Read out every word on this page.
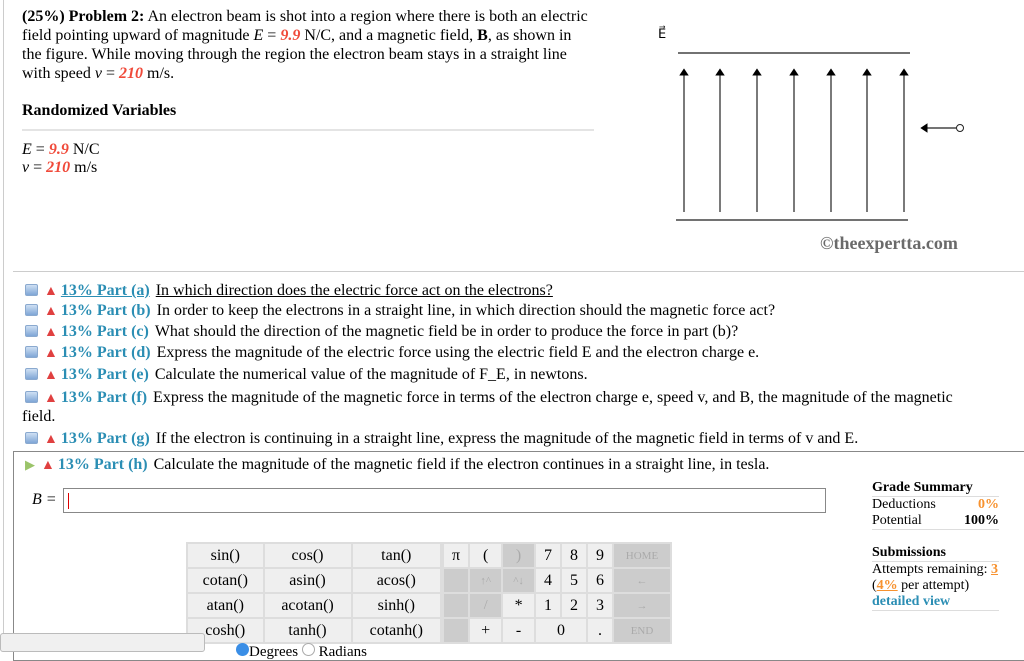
(25%) Problem 2: An electron beam is shot into a region where there is both an electric field pointing upward of magnitude E = 9.9 N/C, and a magnetic field, B, as shown in the figure. While moving through the region the electron beam stays in a straight line with speed v = 210 m/s.
Randomized Variables
E = 9.9 N/C
v = 210 m/s
E⃗
©theexpertta.com
▲ 13% Part (a) In which direction does the electric force act on the electrons?
▲ 13% Part (b) In order to keep the electrons in a straight line, in which direction should the magnetic force act?
▲ 13% Part (c) What should the direction of the magnetic field be in order to produce the force in part (b)?
▲ 13% Part (d) Express the magnitude of the electric force using the electric field E and the electron charge e.
▲ 13% Part (e) Calculate the numerical value of the magnitude of F_E, in newtons.
▲ 13% Part (f) Express the magnitude of the magnetic force in terms of the electron charge e, speed v, and B, the magnitude of the magnetic
field.
▲ 13% Part (g) If the electron is continuing in a straight line, express the magnitude of the magnetic field in terms of v and E.
▶ ▲ 13% Part (h) Calculate the magnitude of the magnetic field if the electron continues in a straight line, in tesla.
B =
sin()	cos()	tan()
cotan()	asin()	acos()
atan()	acotan()	sinh()
cosh()	tanh()	cotanh()
Degrees Radians
π	(	)	7	8	9	HOME
	↑^	^↓	4	5	6	←
	/	*	1	2	3	→
	+	-	0		.	END
Grade Summary
Deductions	0%
Potential	100%
Submissions
Attempts remaining: 3
(4% per attempt)
detailed view
